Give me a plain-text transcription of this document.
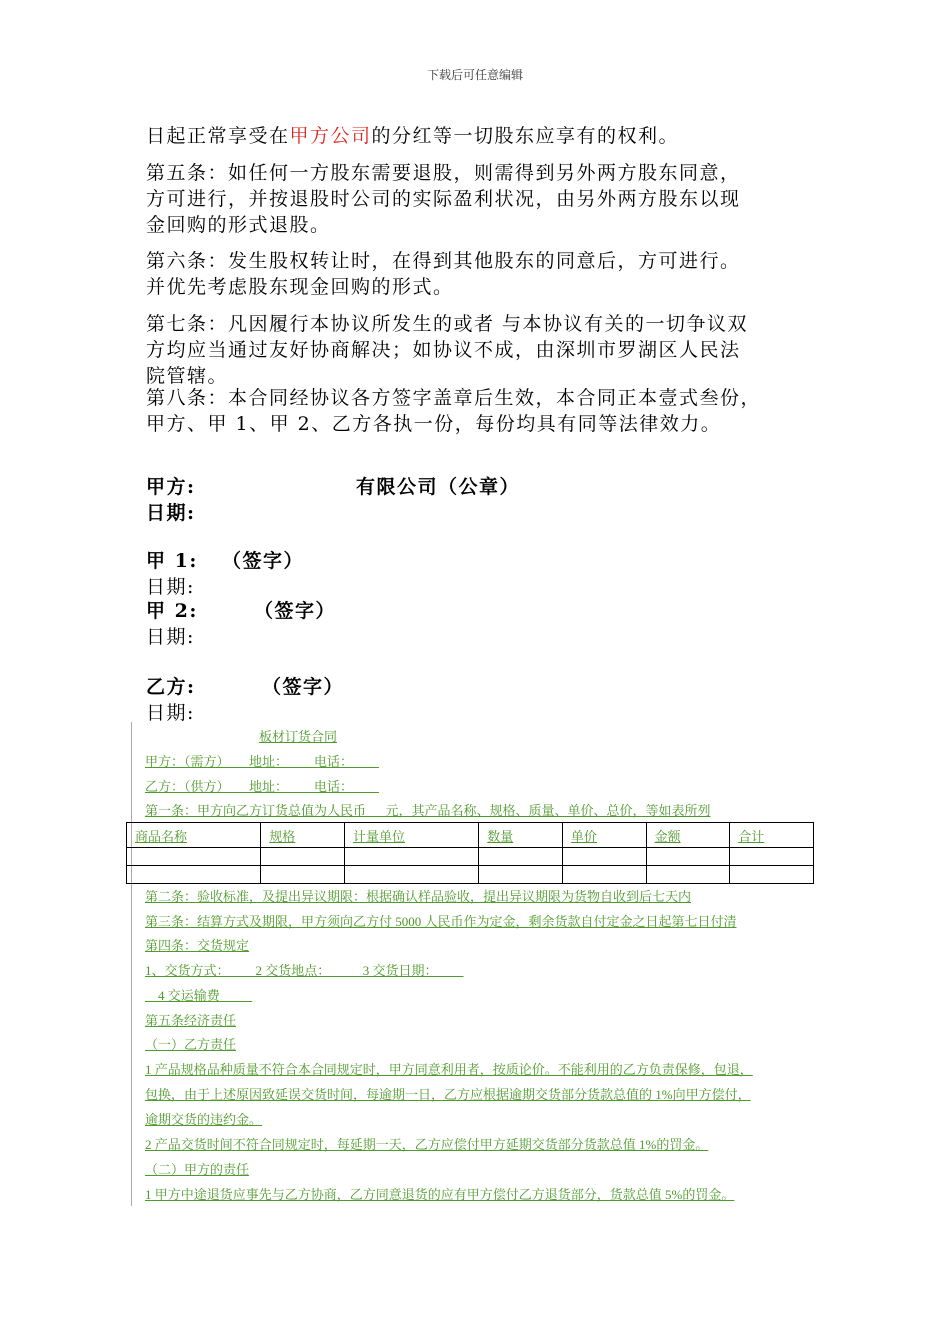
下载后可任意编辑
日起正常享受在甲方公司的分红等一切股东应享有的权利。
第五条：如任何一方股东需要退股，则需得到另外两方股东同意，
方可进行，并按退股时公司的实际盈利状况，由另外两方股东以现
金回购的形式退股。
第六条：发生股权转让时，在得到其他股东的同意后，方可进行。
并优先考虑股东现金回购的形式。
第七条：凡因履行本协议所发生的或者 与本协议有关的一切争议双
方均应当通过友好协商解决；如协议不成，由深圳市罗湖区人民法
院管辖。
第八条：本合同经协议各方签字盖章后生效，本合同正本壹式叁份，
甲方、甲 1、甲 2、乙方各执一份，每份均具有同等法律效力。
甲方:	有限公司（公章）
日期:
甲 1: （签字）
日期:
甲 2:	（签字）
日期:
乙方:	（签字）
日期:
板材订货合同
甲方：（需方）      地址：        电话：
乙方：（供方）      地址：        电话：
第一条：甲方向乙方订货总值为人民币      元，其产品名称、规格、质量、单价、总价，等如表所列
商品名称	规格	计量单位	数量	单价	金额	合计

第二条：验收标准，及提出异议期限：根据确认样品验收，提出异议期限为货物自收到后七天内
第三条：结算方式及期限，甲方须向乙方付 5000 人民币作为定金，剩余货款自付定金之日起第七日付清
第四条：交货规定
1、交货方式：        2 交货地点：          3 交货日期：
4 交运输费
第五条经济责任
（一）乙方责任
1 产品规格品种质量不符合本合同规定时，甲方同意利用者，按质论价。不能利用的乙方负责保修，包退，
包换，由于上述原因致延误交货时间，每逾期一日，乙方应根据逾期交货部分货款总值的 1%向甲方偿付，
逾期交货的违约金。
2 产品交货时间不符合同规定时，每延期一天，乙方应偿付甲方延期交货部分货款总值 1%的罚金。
（二）甲方的责任
1 甲方中途退货应事先与乙方协商，乙方同意退货的应有甲方偿付乙方退货部分，货款总值 5%的罚金。
